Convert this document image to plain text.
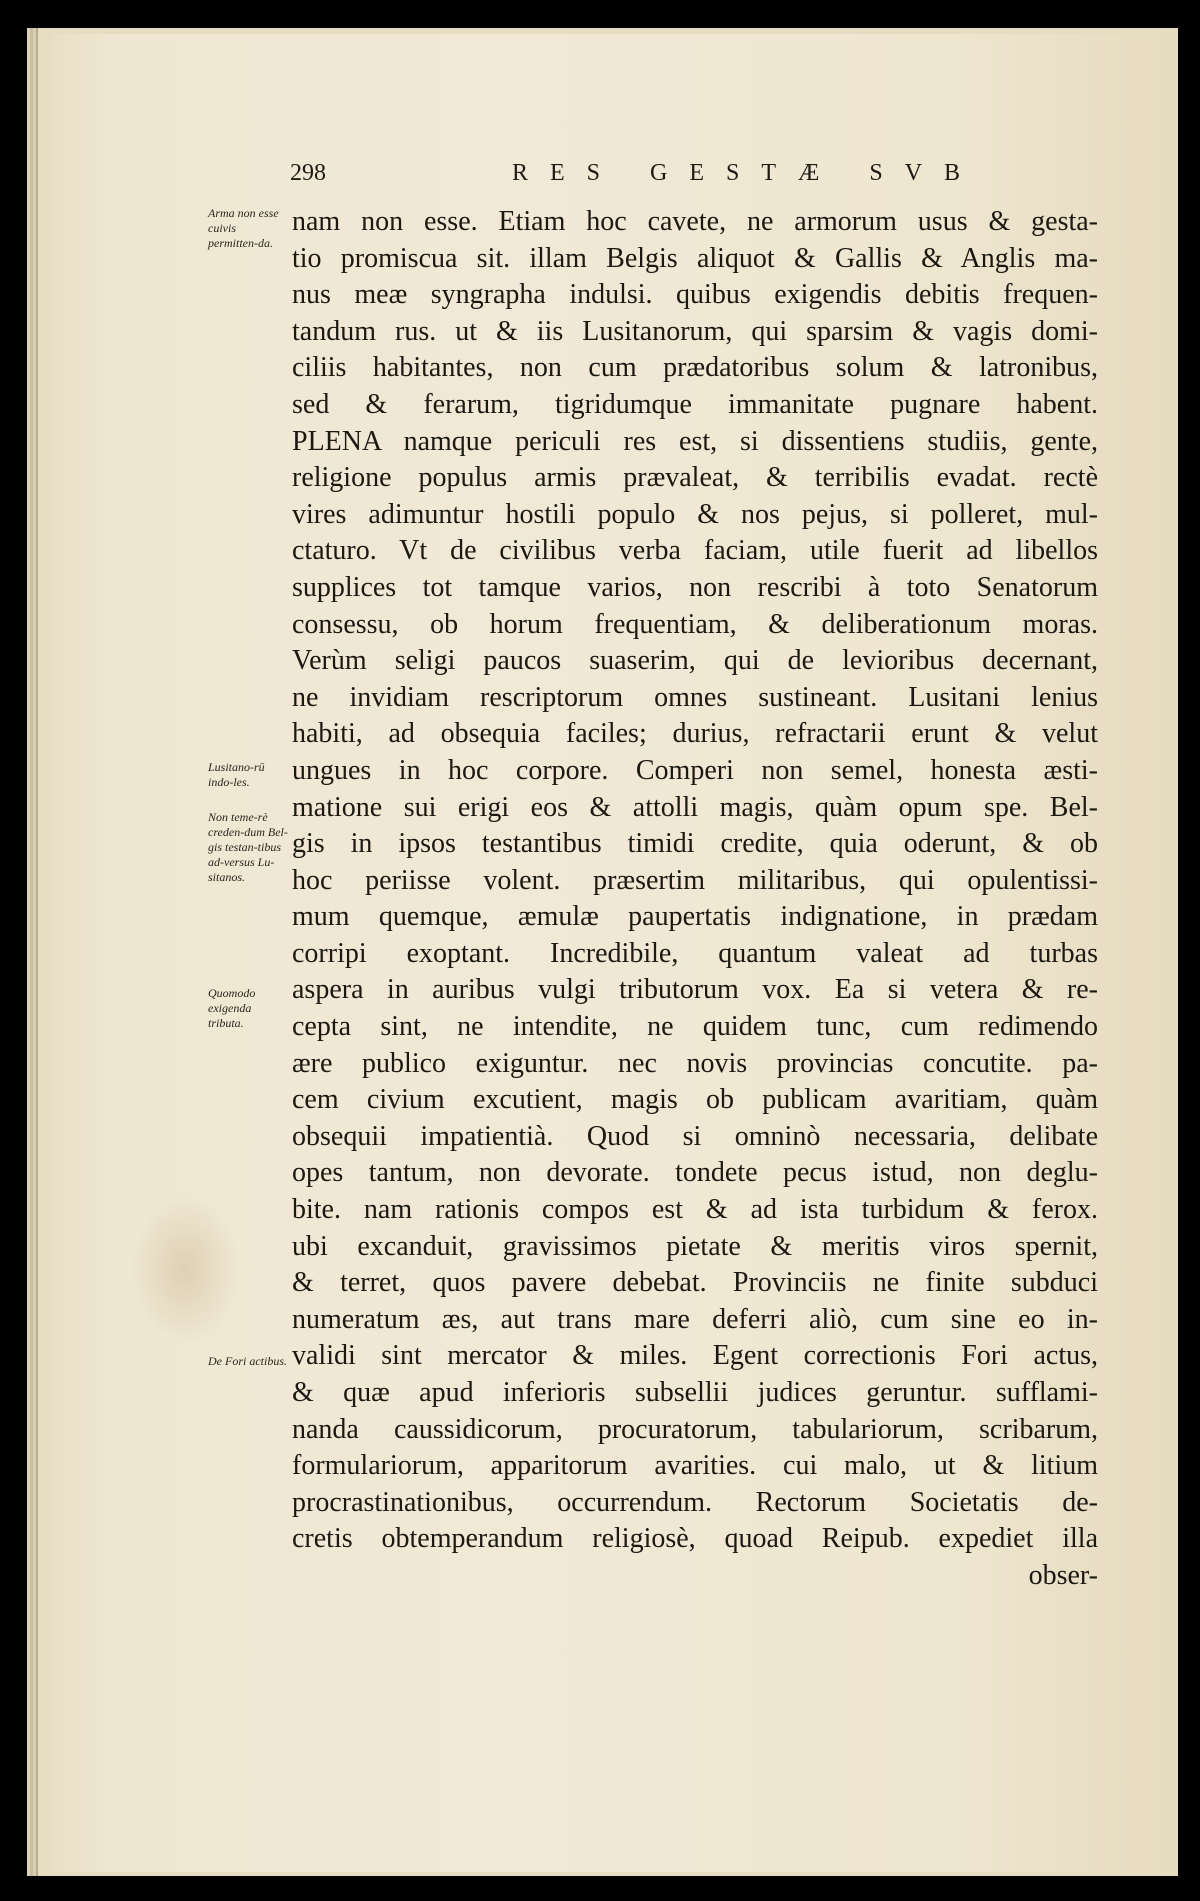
298	RES GESTÆ SVB
Arma non esse cuivis permitten-da.
Lusitano-rū indo-les.
Non teme-rè creden-dum Bel-gis testan-tibus ad-versus Lu-sitanos.
Quomodo exigenda tributa.
De Fori actibus.
nam non esse. Etiam hoc cavete, ne armorum usus & gesta-
tio promiscua sit. illam Belgis aliquot & Gallis & Anglis ma-
nus meæ syngrapha indulsi. quibus exigendis debitis frequen-
tandum rus. ut & iis Lusitanorum, qui sparsim & vagis domi-
ciliis habitantes, non cum prædatoribus solum & latronibus,
sed & ferarum, tigridumque immanitate pugnare habent.
PLENA namque periculi res est, si dissentiens studiis, gente,
religione populus armis prævaleat, & terribilis evadat. rectè
vires adimuntur hostili populo & nos pejus, si polleret, mul-
ctaturo. Vt de civilibus verba faciam, utile fuerit ad libellos
supplices tot tamque varios, non rescribi à toto Senatorum
consessu, ob horum frequentiam, & deliberationum moras.
Verùm seligi paucos suaserim, qui de levioribus decernant,
ne invidiam rescriptorum omnes sustineant. Lusitani lenius
habiti, ad obsequia faciles; durius, refractarii erunt & velut
ungues in hoc corpore. Comperi non semel, honesta æsti-
matione sui erigi eos & attolli magis, quàm opum spe. Bel-
gis in ipsos testantibus timidi credite, quia oderunt, & ob
hoc periisse volent. præsertim militaribus, qui opulentissi-
mum quemque, æmulæ paupertatis indignatione, in prædam
corripi exoptant. Incredibile, quantum valeat ad turbas
aspera in auribus vulgi tributorum vox. Ea si vetera & re-
cepta sint, ne intendite, ne quidem tunc, cum redimendo
ære publico exiguntur. nec novis provincias concutite. pa-
cem civium excutient, magis ob publicam avaritiam, quàm
obsequii impatientià. Quod si omninò necessaria, delibate
opes tantum, non devorate. tondete pecus istud, non deglu-
bite. nam rationis compos est & ad ista turbidum & ferox.
ubi excanduit, gravissimos pietate & meritis viros spernit,
& terret, quos pavere debebat. Provinciis ne finite subduci
numeratum æs, aut trans mare deferri aliò, cum sine eo in-
validi sint mercator & miles. Egent correctionis Fori actus,
& quæ apud inferioris subsellii judices geruntur. sufflami-
nanda caussidicorum, procuratorum, tabulariorum, scribarum,
formulariorum, apparitorum avarities. cui malo, ut & litium
procrastinationibus, occurrendum. Rectorum Societatis de-
cretis obtemperandum religiosè, quoad Reipub. expediet illa
obser-
